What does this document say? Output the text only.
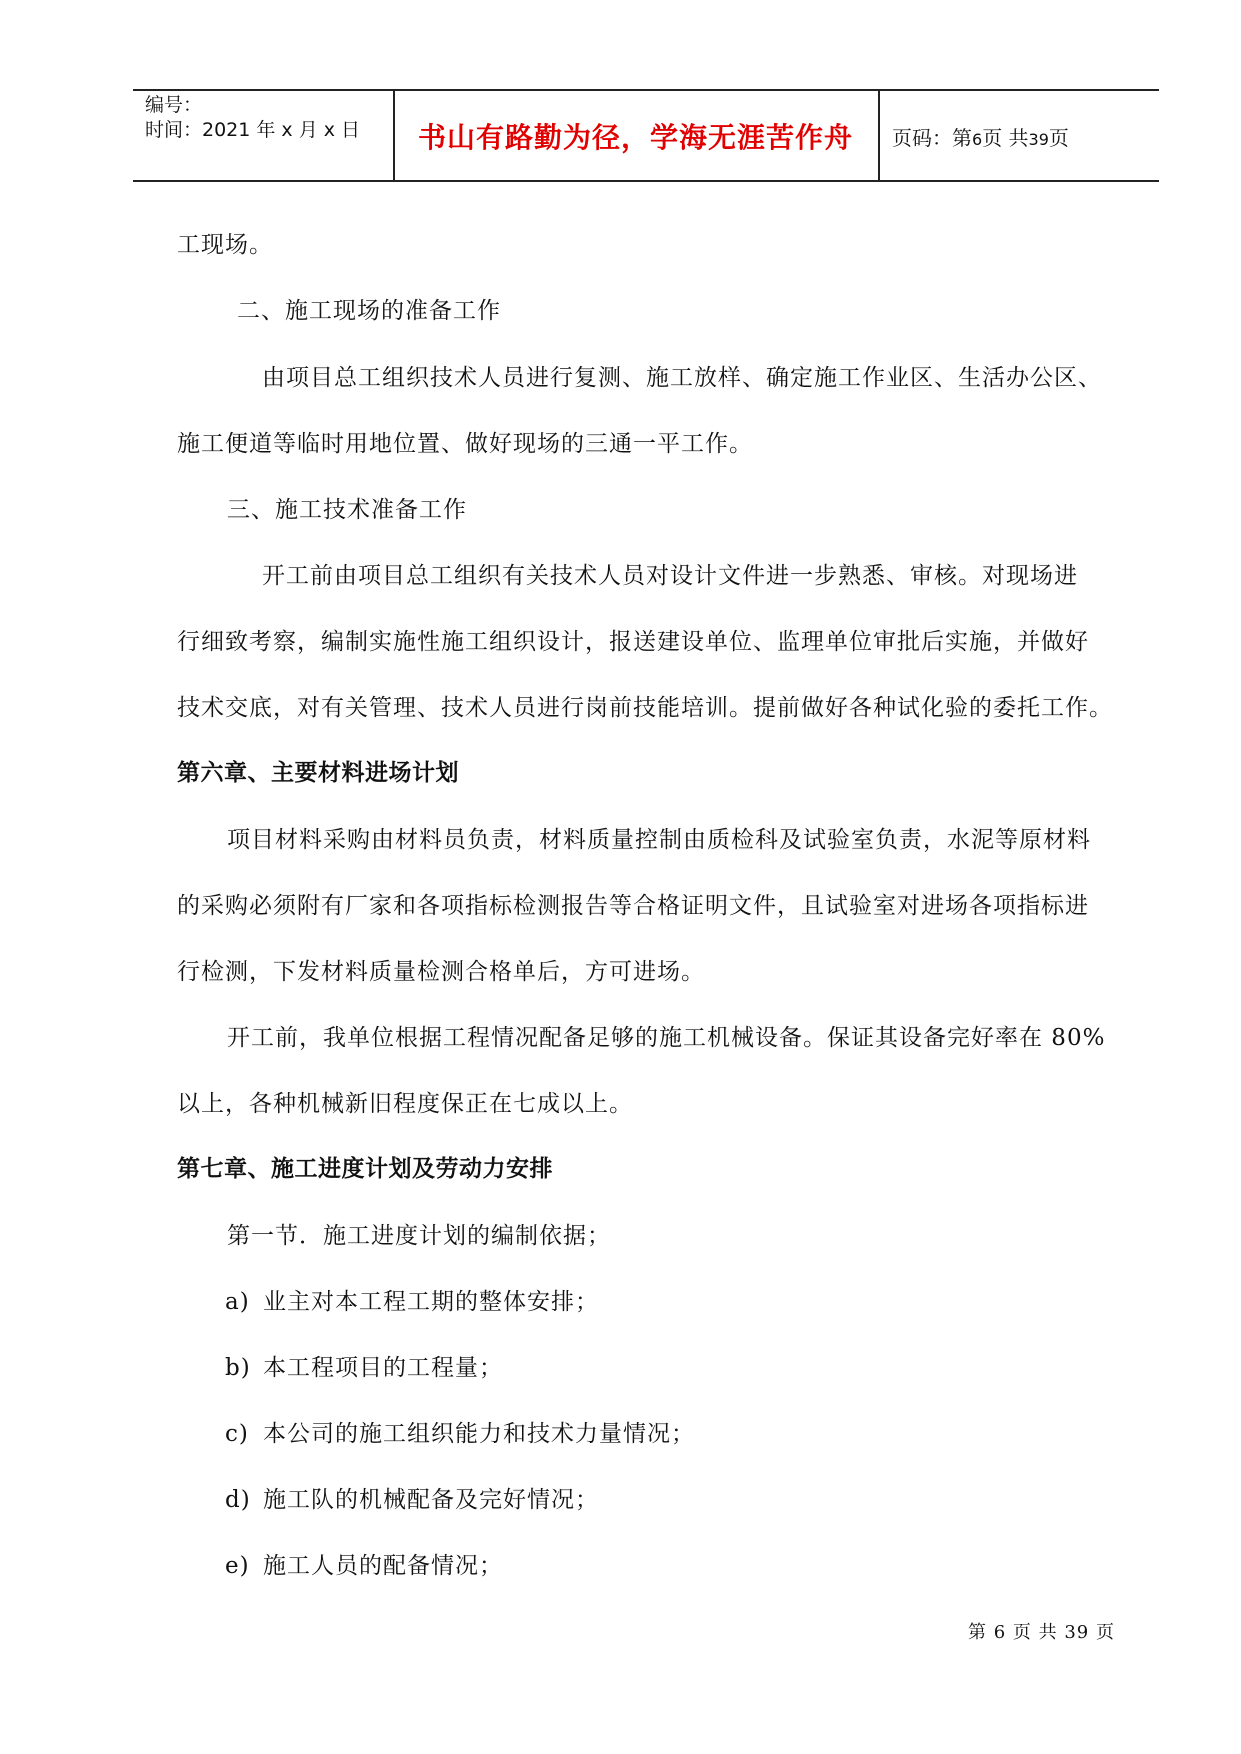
编号：
时间：2021 年 x 月 x 日 书山有路勤为径，学海无涯苦作舟 页码：第6页 共39页
工现场。
二、施工现场的准备工作
由项目总工组织技术人员进行复测、施工放样、确定施工作业区、生活办公区、
施工便道等临时用地位置、做好现场的三通一平工作。
三、施工技术准备工作
开工前由项目总工组织有关技术人员对设计文件进一步熟悉、审核。对现场进
行细致考察，编制实施性施工组织设计，报送建设单位、监理单位审批后实施，并做好
技术交底，对有关管理、技术人员进行岗前技能培训。提前做好各种试化验的委托工作。
第六章、主要材料进场计划
项目材料采购由材料员负责，材料质量控制由质检科及试验室负责，水泥等原材料
的采购必须附有厂家和各项指标检测报告等合格证明文件，且试验室对进场各项指标进
行检测，下发材料质量检测合格单后，方可进场。
开工前，我单位根据工程情况配备足够的施工机械设备。保证其设备完好率在 80%
以上，各种机械新旧程度保正在七成以上。
第七章、施工进度计划及劳动力安排
第一节．施工进度计划的编制依据；
a) 业主对本工程工期的整体安排；
b) 本工程项目的工程量；
c) 本公司的施工组织能力和技术力量情况；
d) 施工队的机械配备及完好情况；
e) 施工人员的配备情况；
第 6 页 共 39 页
